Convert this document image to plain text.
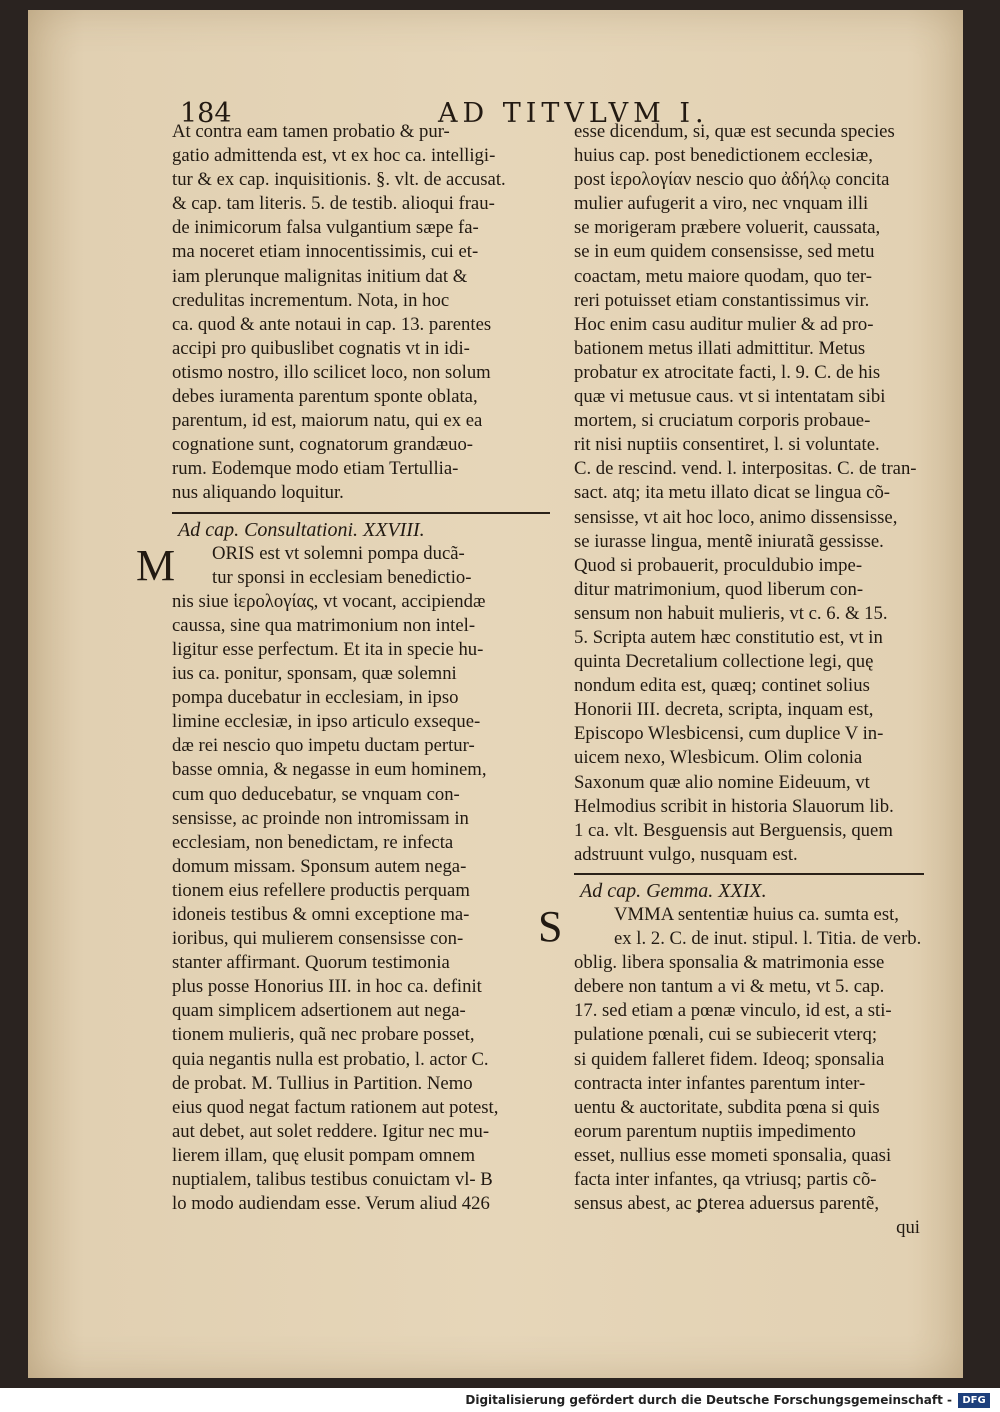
184	AD TITVLVM I.
At contra eam tamen probatio & pur-
gatio admittenda est, vt ex hoc ca. intelligi-
tur & ex cap. inquisitionis. §. vlt. de accusat.
& cap. tam literis. 5. de testib. alioqui frau-
de inimicorum falsa vulgantium sæpe fa-
ma noceret etiam innocentissimis, cui et-
iam plerunque malignitas initium dat &
credulitas incrementum. Nota, in hoc
ca. quod & ante notaui in cap. 13. parentes
accipi pro quibuslibet cognatis vt in idi-
otismo nostro, illo scilicet loco, non solum
debes iuramenta parentum sponte oblata,
parentum, id est, maiorum natu, qui ex ea
cognatione sunt, cognatorum grandæuo-
rum. Eodemque modo etiam Tertullia-
nus aliquando loquitur.
Ad cap. Consultationi. XXVIII.
M ORIS est vt solemni pompa ducã-
tur sponsi in ecclesiam benedictio-
nis siue ἱερολογίας, vt vocant, accipiendæ
caussa, sine qua matrimonium non intel-
ligitur esse perfectum. Et ita in specie hu-
ius ca. ponitur, sponsam, quæ solemni
pompa ducebatur in ecclesiam, in ipso
limine ecclesiæ, in ipso articulo exseque-
dæ rei nescio quo impetu ductam pertur-
basse omnia, & negasse in eum hominem,
cum quo deducebatur, se vnquam con-
sensisse, ac proinde non intromissam in
ecclesiam, non benedictam, re infecta
domum missam. Sponsum autem nega-
tionem eius refellere productis perquam
idoneis testibus & omni exceptione ma-
ioribus, qui mulierem consensisse con-
stanter affirmant. Quorum testimonia
plus posse Honorius III. in hoc ca. definit
quam simplicem adsertionem aut nega-
tionem mulieris, quã nec probare posset,
quia negantis nulla est probatio, l. actor C.
de probat. M. Tullius in Partition. Nemo
eius quod negat factum rationem aut potest,
aut debet, aut solet reddere. Igitur nec mu-
lierem illam, quę elusit pompam omnem
nuptialem, talibus testibus conuictam vl- B
lo modo audiendam esse. Verum aliud 426
esse dicendum, si, quæ est secunda species
huius cap. post benedictionem ecclesiæ,
post ἱερολογίαν nescio quo ἀδήλῳ concita
mulier aufugerit a viro, nec vnquam illi
se morigeram præbere voluerit, caussata,
se in eum quidem consensisse, sed metu
coactam, metu maiore quodam, quo ter-
reri potuisset etiam constantissimus vir.
Hoc enim casu auditur mulier & ad pro-
bationem metus illati admittitur. Metus
probatur ex atrocitate facti, l. 9. C. de his
quæ vi metusue caus. vt si intentatam sibi
mortem, si cruciatum corporis probaue-
rit nisi nuptiis consentiret, l. si voluntate.
C. de rescind. vend. l. interpositas. C. de tran-
sact. atq; ita metu illato dicat se lingua cõ-
sensisse, vt ait hoc loco, animo dissensisse,
se iurasse lingua, mentẽ iniuratã gessisse.
Quod si probauerit, proculdubio impe-
ditur matrimonium, quod liberum con-
sensum non habuit mulieris, vt c. 6. & 15.
5. Scripta autem hæc constitutio est, vt in
quinta Decretalium collectione legi, quę
nondum edita est, quæq; continet solius
Honorii III. decreta, scripta, inquam est,
Episcopo Wlesbicensi, cum duplice V in-
uicem nexo, Wlesbicum. Olim colonia
Saxonum quæ alio nomine Eideuum, vt
Helmodius scribit in historia Slauorum lib.
1 ca. vlt. Besguensis aut Berguensis, quem
adstruunt vulgo, nusquam est.
Ad cap. Gemma. XXIX.
S	VMMA sententiæ huius ca. sumta est,
ex l. 2. C. de inut. stipul. l. Titia. de verb.
oblig. libera sponsalia & matrimonia esse
debere non tantum a vi & metu, vt 5. cap.
17. sed etiam a pœnæ vinculo, id est, a sti-
pulatione pœnali, cui se subiecerit vterq;
si quidem falleret fidem. Ideoq; sponsalia
contracta inter infantes parentum inter-
uentu & auctoritate, subdita pœna si quis
eorum parentum nuptiis impedimento
esset, nullius esse mometi sponsalia, quasi
facta inter infantes, qa vtriusq; partis cõ-
sensus abest, ac ꝑterea aduersus parentẽ,
qui
Digitalisierung gefördert durch die Deutsche Forschungsgemeinschaft -	DFG
